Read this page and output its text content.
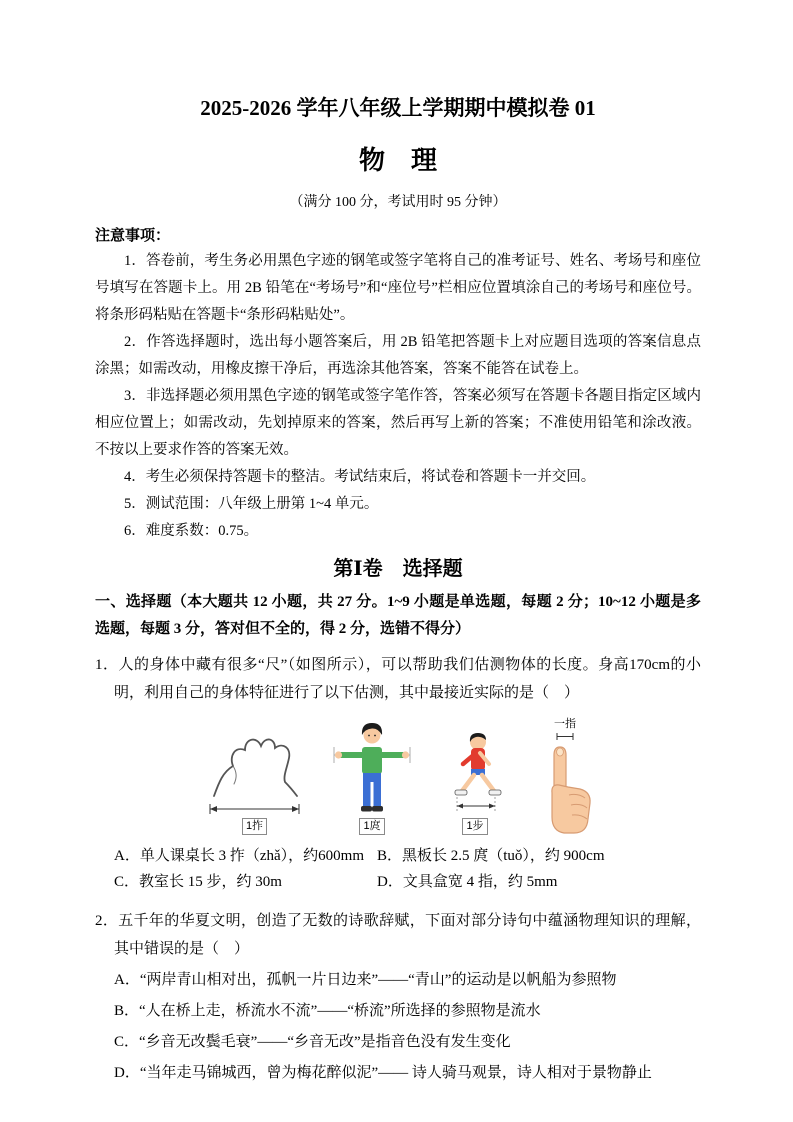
2025-2026 学年八年级上学期期中模拟卷 01
物　理
（满分 100 分，考试用时 95 分钟）
注意事项：

1．答卷前，考生务必用黑色字迹的钢笔或签字笔将自己的准考证号、姓名、考场号和座位号填写在答题卡上。用 2B 铅笔在“考场号”和“座位号”栏相应位置填涂自己的考场号和座位号。将条形码粘贴在答题卡“条形码粘贴处”。

2．作答选择题时，选出每小题答案后，用 2B 铅笔把答题卡上对应题目选项的答案信息点涂黑；如需改动，用橡皮擦干净后，再选涂其他答案，答案不能答在试卷上。

3．非选择题必须用黑色字迹的钢笔或签字笔作答，答案必须写在答题卡各题目指定区域内相应位置上；如需改动，先划掉原来的答案，然后再写上新的答案；不准使用铅笔和涂改液。不按以上要求作答的答案无效。

4．考生必须保持答题卡的整洁。考试结束后，将试卷和答题卡一并交回。

5．测试范围：八年级上册第 1~4 单元。

6．难度系数：0.75。

第Ⅰ卷　选择题

一、选择题（本大题共 12 小题，共 27 分。1~9 小题是单选题，每题 2 分；10~12 小题是多选题，每题 3 分，答对但不全的，得 2 分，选错不得分）

1．人的身体中藏有很多“尺”（如图所示），可以帮助我们估测物体的长度。身高170cm的小明，利用自己的身体特征进行了以下估测，其中最接近实际的是（　）

1拃	1庹	1步
一指
A．单人课桌长 3 拃（zhǎ），约600mm B．黑板长 2.5 庹（tuǒ），约 900cm
C．教室长 15 步，约 30m	D．文具盒宽 4 指，约 5mm

2．五千年的华夏文明，创造了无数的诗歌辞赋，下面对部分诗句中蕴涵物理知识的理解，其中错误的是（　）

A．“两岸青山相对出，孤帆一片日边来”——“青山”的运动是以帆船为参照物

B．“人在桥上走，桥流水不流”——“桥流”所选择的参照物是流水

C．“乡音无改鬓毛衰”——“乡音无改”是指音色没有发生变化

D．“当年走马锦城西，曾为梅花醉似泥”—— 诗人骑马观景，诗人相对于景物静止
